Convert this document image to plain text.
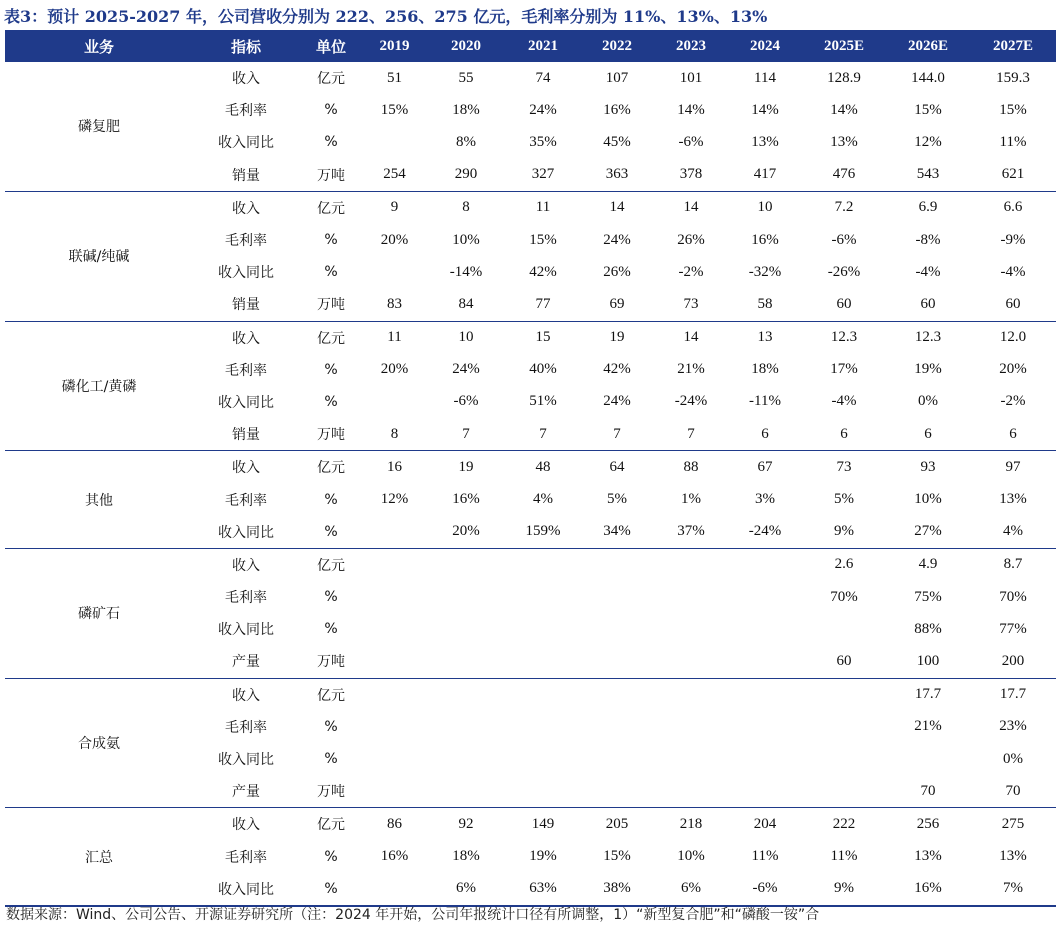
表3：预计 2025-2027 年，公司营收分别为 222、256、275 亿元，毛利率分别为 11%、13%、13%
业务	指标	单位	2019	2020	2021	2022	2023	2024	2025E	2026E	2027E
磷复肥	收入	亿元	51	55	74	107	101	114	128.9	144.0	159.3
	毛利率	%	15%	18%	24%	16%	14%	14%	14%	15%	15%
	收入同比	%		8%	35%	45%	-6%	13%	13%	12%	11%
	销量	万吨	254	290	327	363	378	417	476	543	621
联碱/纯碱	收入	亿元	9	8	11	14	14	10	7.2	6.9	6.6
	毛利率	%	20%	10%	15%	24%	26%	16%	-6%	-8%	-9%
	收入同比	%		-14%	42%	26%	-2%	-32%	-26%	-4%	-4%
	销量	万吨	83	84	77	69	73	58	60	60	60
磷化工/黄磷	收入	亿元	11	10	15	19	14	13	12.3	12.3	12.0
	毛利率	%	20%	24%	40%	42%	21%	18%	17%	19%	20%
	收入同比	%		-6%	51%	24%	-24%	-11%	-4%	0%	-2%
	销量	万吨	8	7	7	7	7	6	6	6	6
其他	收入	亿元	16	19	48	64	88	67	73	93	97
	毛利率	%	12%	16%	4%	5%	1%	3%	5%	10%	13%
	收入同比	%		20%	159%	34%	37%	-24%	9%	27%	4%
磷矿石	收入	亿元							2.6	4.9	8.7
	毛利率	%							70%	75%	70%
	收入同比	%								88%	77%
	产量	万吨							60	100	200
合成氨	收入	亿元								17.7	17.7
	毛利率	%								21%	23%
	收入同比	%									0%
	产量	万吨								70	70
汇总	收入	亿元	86	92	149	205	218	204	222	256	275
	毛利率	%	16%	18%	19%	15%	10%	11%	11%	13%	13%
	收入同比	%		6%	63%	38%	6%	-6%	9%	16%	7%
数据来源：Wind、公司公告、开源证券研究所（注：2024 年开始，公司年报统计口径有所调整，1）“新型复合肥”和“磷酸一铵”合
